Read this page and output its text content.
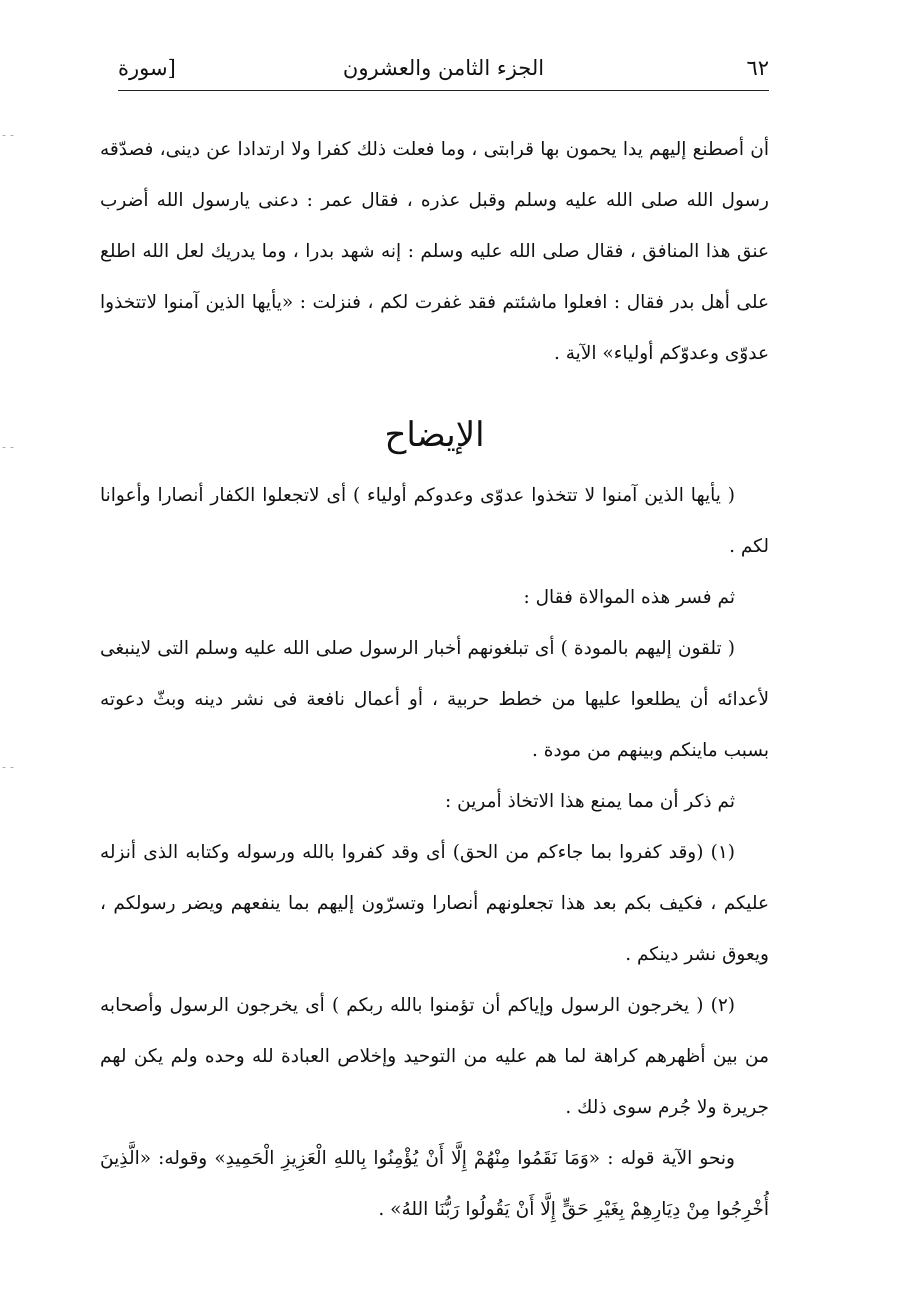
٦٢
الجزء الثامن والعشرون
[سورة

أن أصطنع إليهم يدا يحمون بها قرابتى ، وما فعلت ذلك كفرا ولا ارتدادا عن دينى، فصدّقه رسول الله صلى الله عليه وسلم وقبل عذره ، فقال عمر : دعنى يارسول الله أضرب عنق هذا المنافق ، فقال صلى الله عليه وسلم : إنه شهد بدرا ، وما يدريك لعل الله اطلع على أهل بدر فقال : افعلوا ماشئتم فقد غفرت لكم ، فنزلت : «يأيها الذين آمنوا لاتتخذوا عدوّى وعدوّكم أولياء» الآية .

الإيضاح

( يأيها الذين آمنوا لا تتخذوا عدوّى وعدوكم أولياء ) أى لاتجعلوا الكفار أنصارا وأعوانا لكم .

ثم فسر هذه الموالاة فقال :

( تلقون إليهم بالمودة ) أى تبلغونهم أخبار الرسول صلى الله عليه وسلم التى لاينبغى لأعدائه أن يطلعوا عليها من خطط حربية ، أو أعمال نافعة فى نشر دينه وبثّ دعوته بسبب ماينكم وبينهم من مودة .

ثم ذكر أن مما يمنع هذا الاتخاذ أمرين :

(١) (وقد كفروا بما جاءكم من الحق) أى وقد كفروا بالله ورسوله وكتابه الذى أنزله عليكم ، فكيف بكم بعد هذا تجعلونهم أنصارا وتسرّون إليهم بما ينفعهم ويضر رسولكم ، ويعوق نشر دينكم .

(٢) ( يخرجون الرسول وإياكم أن تؤمنوا بالله ربكم ) أى يخرجون الرسول وأصحابه من بين أظهرهم كراهة لما هم عليه من التوحيد وإخلاص العبادة لله وحده ولم يكن لهم جريرة ولا جُرم سوى ذلك .

ونحو الآية قوله : «وَمَا نَقَمُوا مِنْهُمْ إِلَّا أَنْ يُؤْمِنُوا بِاللهِ الْعَزِيزِ الْحَمِيدِ» وقوله: «الَّذِينَ أُخْرِجُوا مِنْ دِيَارِهِمْ بِغَيْرِ حَقٍّ إِلَّا أَنْ يَقُولُوا رَبُّنَا اللهُ» .

- -
- -
- -
